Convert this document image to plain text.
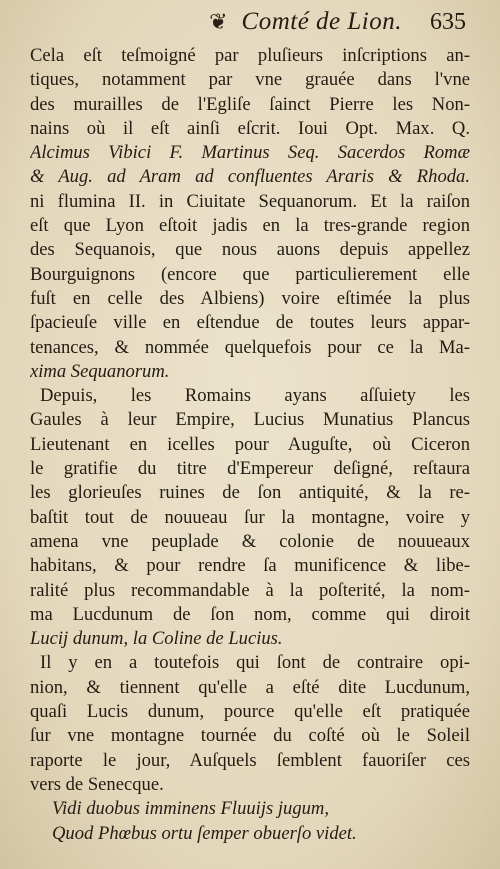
❦ Comté de Lion. 635
Cela eſt teſmoigné par pluſieurs inſcriptions an-
tiques, notamment par vne grauée dans l'vne
des murailles de l'Egliſe ſainct Pierre les Non-
nains où il eſt ainſi eſcrit. Ioui Opt. Max. Q.
Alcimus Vibici F. Martinus Seq. Sacerdos Romæ
& Aug. ad Aram ad confluentes Araris & Rhoda.
ni flumina II. in Ciuitate Sequanorum. Et la raiſon
eſt que Lyon eſtoit jadis en la tres-grande region
des Sequanois, que nous auons depuis appellez
Bourguignons (encore que particulierement elle
fuſt en celle des Albiens) voire eſtimée la plus
ſpacieuſe ville en eſtendue de toutes leurs appar-
tenances, & nommée quelquefois pour ce la Ma-
xima Sequanorum.
Depuis, les Romains ayans aſſuiety les
Gaules à leur Empire, Lucius Munatius Plancus
Lieutenant en icelles pour Auguſte, où Ciceron
le gratifie du titre d'Empereur deſigné, reſtaura
les glorieuſes ruines de ſon antiquité, & la re-
baſtit tout de nouueau ſur la montagne, voire y
amena vne peuplade & colonie de nouueaux
habitans, & pour rendre ſa munificence & libe-
ralité plus recommandable à la poſterité, la nom-
ma Lucdunum de ſon nom, comme qui diroit
Lucij dunum, la Coline de Lucius.
Il y en a toutefois qui ſont de contraire opi-
nion, & tiennent qu'elle a eſté dite Lucdunum,
quaſi Lucis dunum, pource qu'elle eſt pratiquée
ſur vne montagne tournée du coſté où le Soleil
raporte le jour, Auſquels ſemblent fauoriſer ces
vers de Senecque.
Vidi duobus imminens Fluuijs jugum,
Quod Phœbus ortu ſemper obuerſo videt.
